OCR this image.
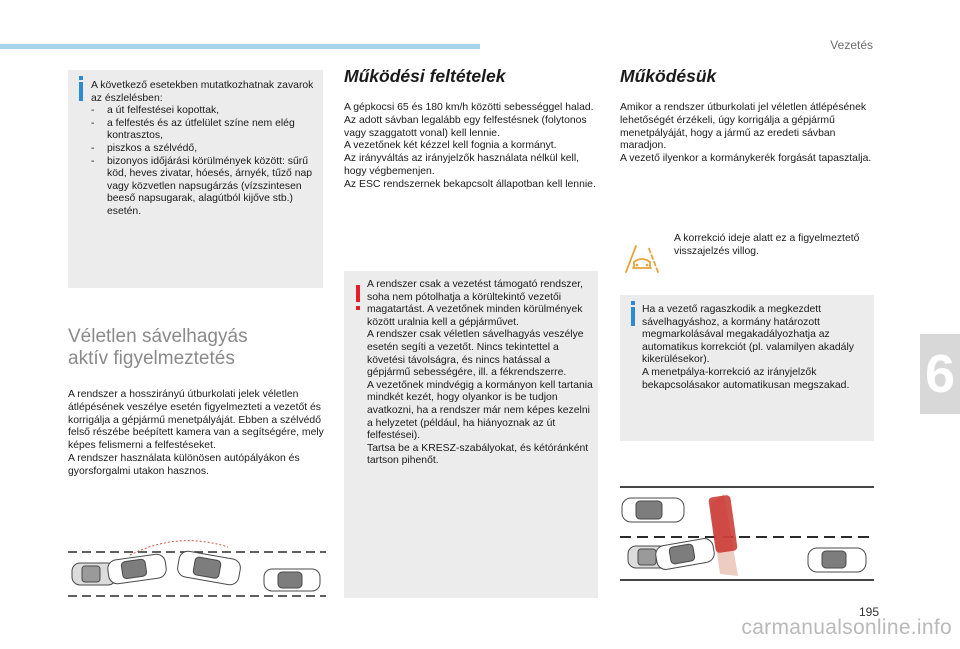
Vezetés
6
A következő esetekben mutatkozhatnak zavarok az észlelésben:
- a út felfestései kopottak,
- a felfestés és az útfelület színe nem elég kontrasztos,
- piszkos a szélvédő,
- bizonyos időjárási körülmények között: sűrű köd, heves zivatar, hóesés, árnyék, tűző nap vagy közvetlen napsugárzás (vízszintesen beeső napsugarak, alagútból kijőve stb.) esetén.
Véletlen sávelhagyás
aktív figyelmeztetés
A rendszer a hosszirányú útburkolati jelek véletlen átlépésének veszélye esetén figyelmezteti a vezetőt és korrigálja a gépjármű menetpályáját. Ebben a szélvédő felső részébe beépített kamera van a segítségére, mely képes felismerni a felfestéseket.
A rendszer használata különösen autópályákon és gyorsforgalmi utakon hasznos.
Működési feltételek
A gépkocsi 65 és 180 km/h közötti sebességgel halad.
Az adott sávban legalább egy felfestésnek (folytonos vagy szaggatott vonal) kell lennie.
A vezetőnek két kézzel kell fognia a kormányt.
Az irányváltás az irányjelzők használata nélkül kell, hogy végbemenjen.
Az ESC rendszernek bekapcsolt állapotban kell lennie.
A rendszer csak a vezetést támogató rendszer, soha nem pótolhatja a körültekintő vezetői magatartást. A vezetőnek minden körülmények között uralnia kell a gépjárművet.
A rendszer csak véletlen sávelhagyás veszélye esetén segíti a vezetőt. Nincs tekintettel a követési távolságra, és nincs hatással a gépjármű sebességére, ill. a fékrendszerre.
A vezetőnek mindvégig a kormányon kell tartania mindkét kezét, hogy olyankor is be tudjon avatkozni, ha a rendszer már nem képes kezelni a helyzetet (például, ha hiányoznak az út felfestései).
Tartsa be a KRESZ-szabályokat, és kétóránként tartson pihenőt.
Működésük
Amikor a rendszer útburkolati jel véletlen átlépésének lehetőségét érzékeli, úgy korrigálja a gépjármű menetpályáját, hogy a jármű az eredeti sávban maradjon.
A vezető ilyenkor a kormánykerék forgását tapasztalja.
A korrekció ideje alatt ez a figyelmeztető visszajelzés villog.
Ha a vezető ragaszkodik a megkezdett sávelhagyáshoz, a kormány határozott megmarkolásával megakadályozhatja az automatikus korrekciót (pl. valamilyen akadály kikerülésekor).
A menetpálya-korrekció az irányjelzők bekapcsolásakor automatikusan megszakad.
195
carmanualsonline.info
